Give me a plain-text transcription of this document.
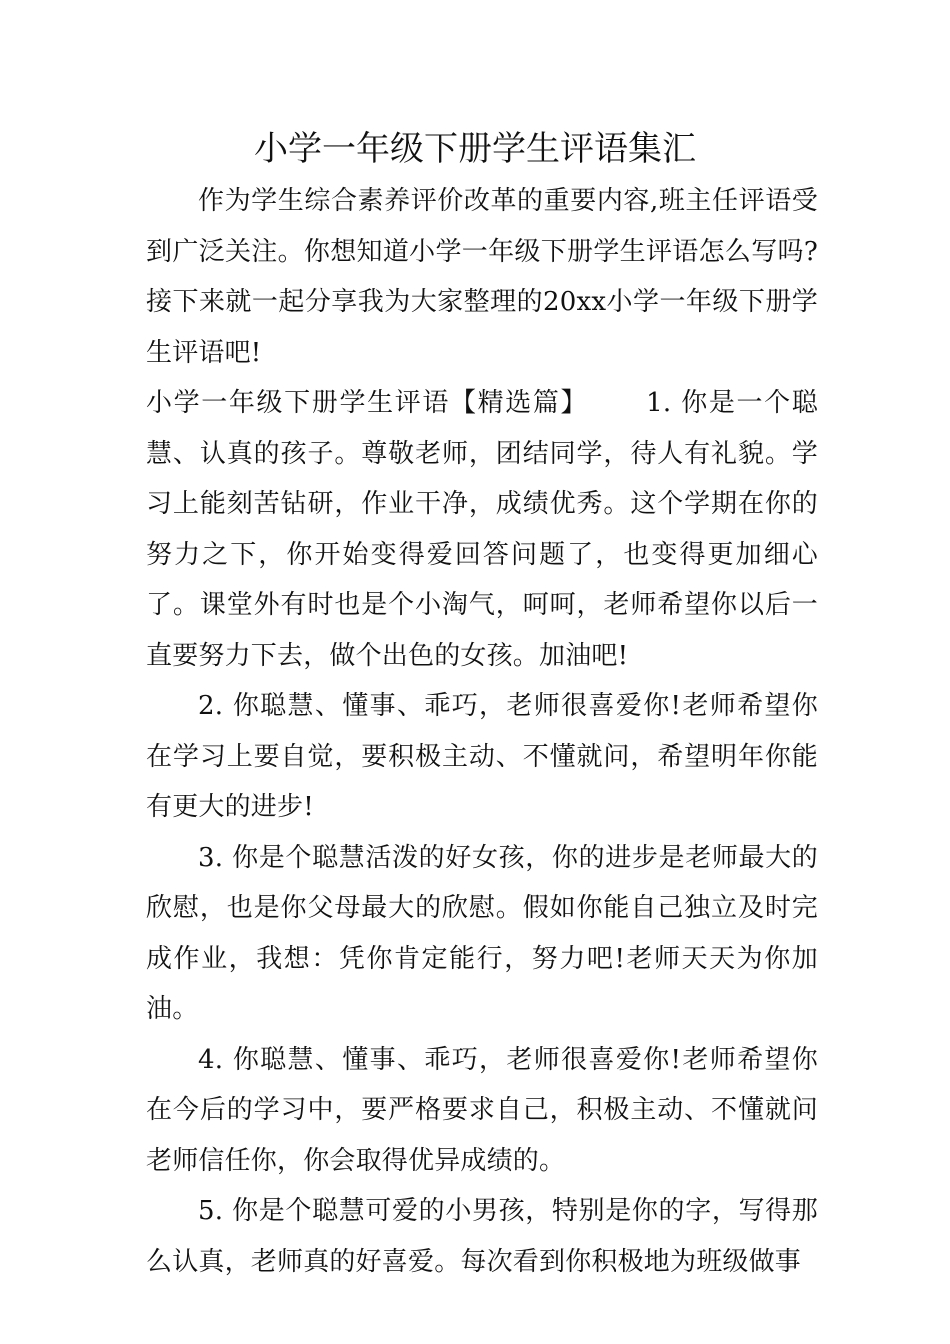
小学一年级下册学生评语集汇

作为学生综合素养评价改革的重要内容,班主任评语受到广泛关注。你想知道小学一年级下册学生评语怎么写吗?接下来就一起分享我为大家整理的20xx小学一年级下册学生评语吧!

小学一年级下册学生评语【精选篇】 1. 你是一个聪慧、认真的孩子。尊敬老师，团结同学，待人有礼貌。学习上能刻苦钻研，作业干净，成绩优秀。这个学期在你的努力之下，你开始变得爱回答问题了，也变得更加细心了。课堂外有时也是个小淘气，呵呵，老师希望你以后一直要努力下去，做个出色的女孩。加油吧!

2. 你聪慧、懂事、乖巧，老师很喜爱你!老师希望你在学习上要自觉，要积极主动、不懂就问，希望明年你能有更大的进步!

3. 你是个聪慧活泼的好女孩，你的进步是老师最大的欣慰，也是你父母最大的欣慰。假如你能自己独立及时完成作业，我想：凭你肯定能行，努力吧!老师天天为你加油。

4. 你聪慧、懂事、乖巧，老师很喜爱你!老师希望你在今后的学习中，要严格要求自己，积极主动、不懂就问老师信任你，你会取得优异成绩的。

5. 你是个聪慧可爱的小男孩，特别是你的字，写得那么认真，老师真的好喜爱。每次看到你积极地为班级做事
